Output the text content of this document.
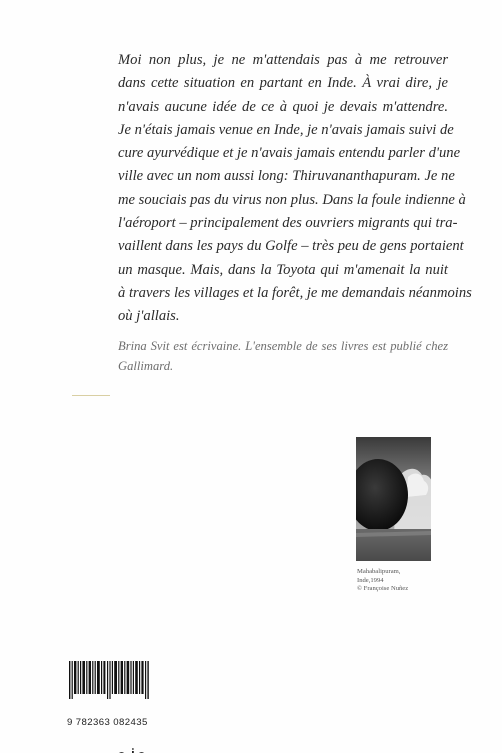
Moi non plus, je ne m'attendais pas à me retrouver
dans cette situation en partant en Inde. À vrai dire, je
n'avais aucune idée de ce à quoi je devais m'attendre.
Je n'étais jamais venue en Inde, je n'avais jamais suivi de
cure ayurvédique et je n'avais jamais entendu parler d'une
ville avec un nom aussi long: Thiruvananthapuram. Je ne
me souciais pas du virus non plus. Dans la foule indienne à
l'aéroport – principalement des ouvriers migrants qui tra-
vaillent dans les pays du Golfe – très peu de gens portaient
un masque. Mais, dans la Toyota qui m'amenait la nuit
à travers les villages et la forêt, je me demandais néanmoins
où j'allais.
Brina Svit est écrivaine. L'ensemble de ses livres est publié chez
Gallimard.
Mahabalipuram,
Inde,1994
© Françoise Nuñez
9 782363 082435
